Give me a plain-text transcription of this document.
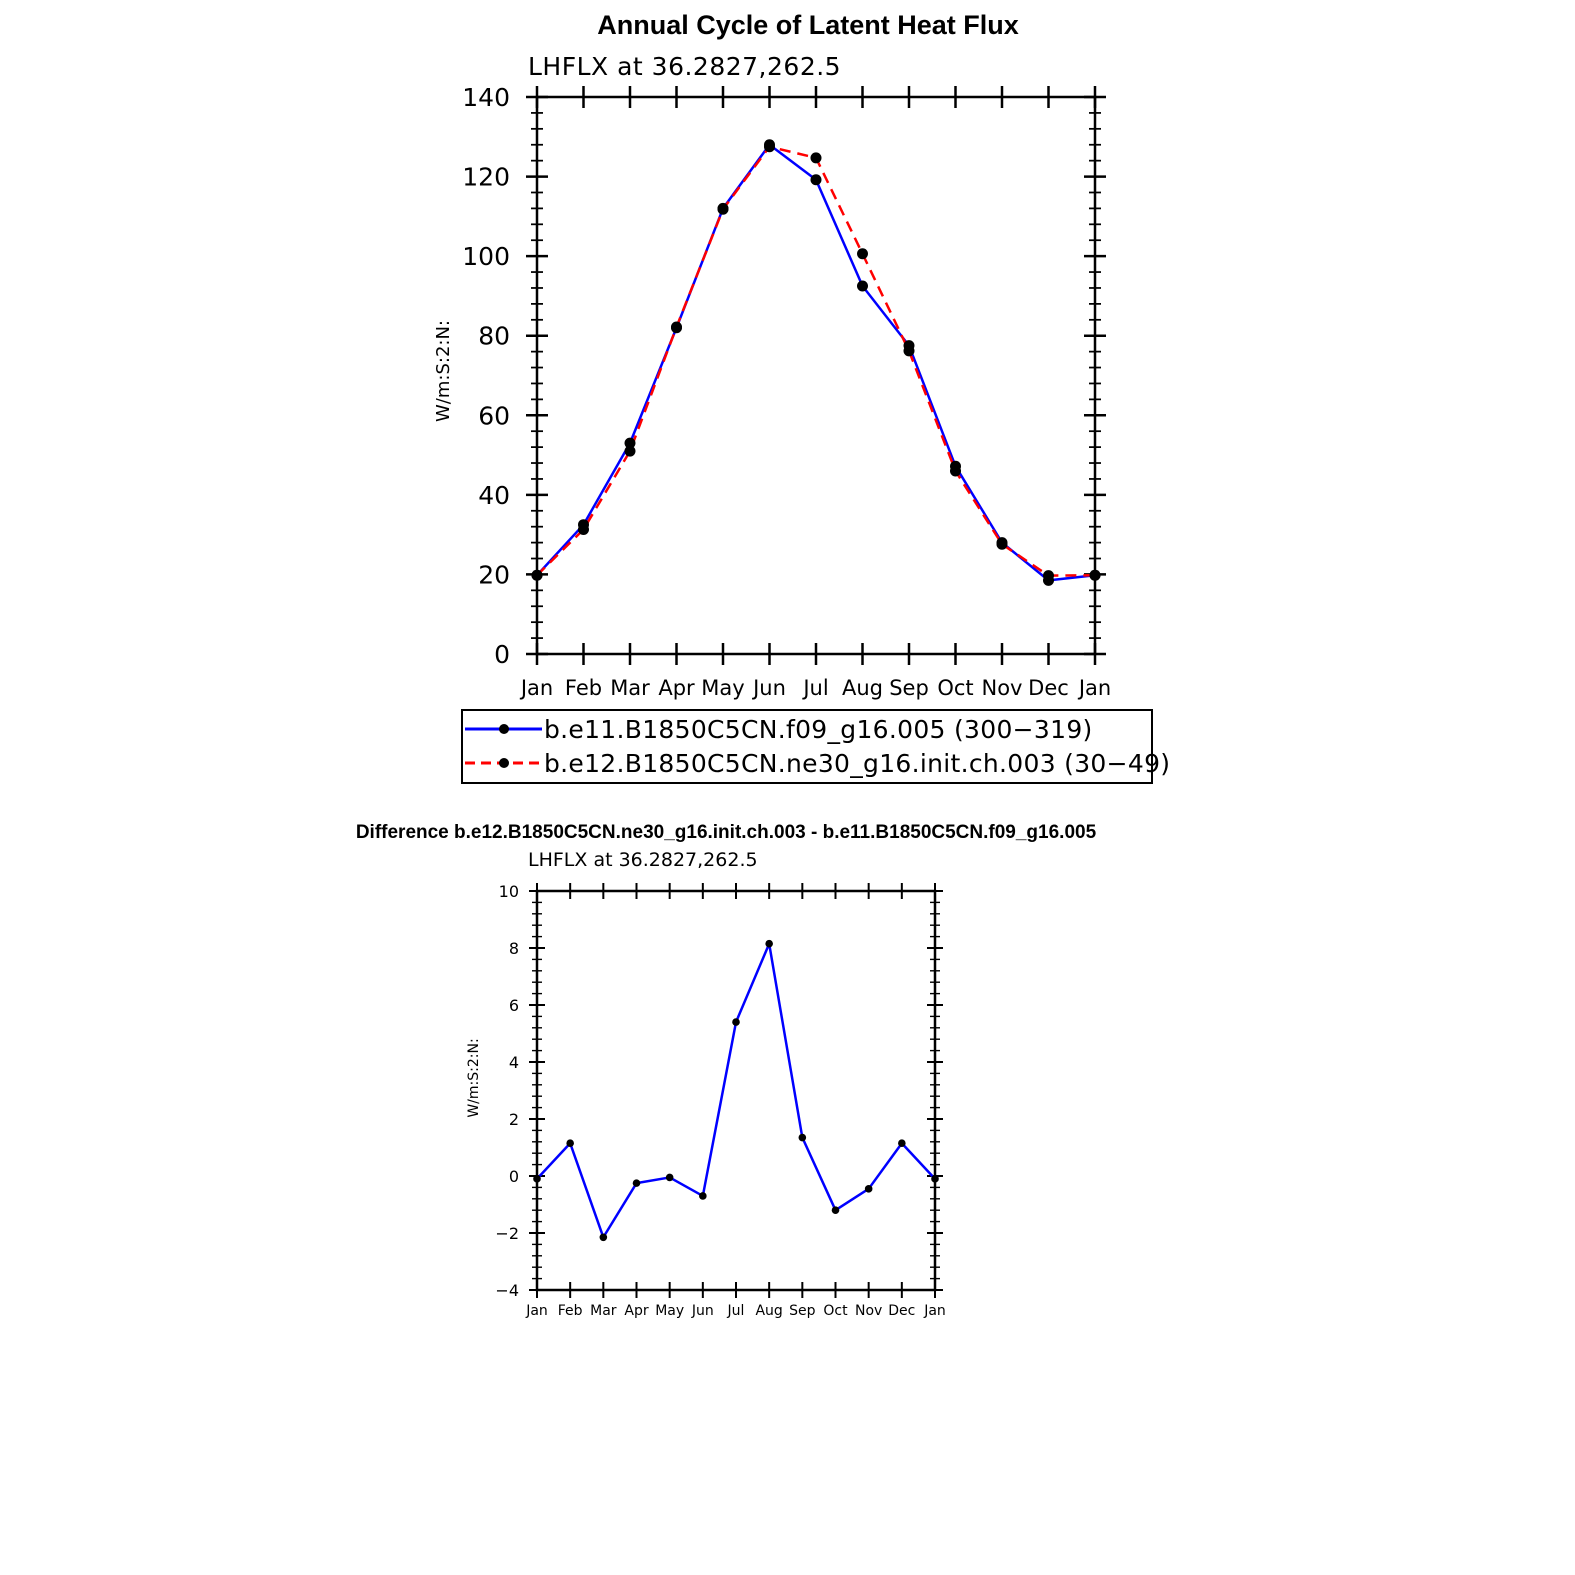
Annual Cycle of Latent Heat Flux
LHFLX at 36.2827,262.5
W/m:S:2:N:
0
20
40
60
80
100
120
140
Jan Feb Mar Apr May Jun Jul Aug Sep Oct Nov Dec Jan
b.e11.B1850C5CN.f09_g16.005 (300−319)
b.e12.B1850C5CN.ne30_g16.init.ch.003 (30−49)
Difference b.e12.B1850C5CN.ne30_g16.init.ch.003 - b.e11.B1850C5CN.f09_g16.005
LHFLX at 36.2827,262.5
W/m:S:2:N:
−4
−2
0
2
4
6
8
10
Jan Feb Mar Apr May Jun Jul Aug Sep Oct Nov Dec Jan
